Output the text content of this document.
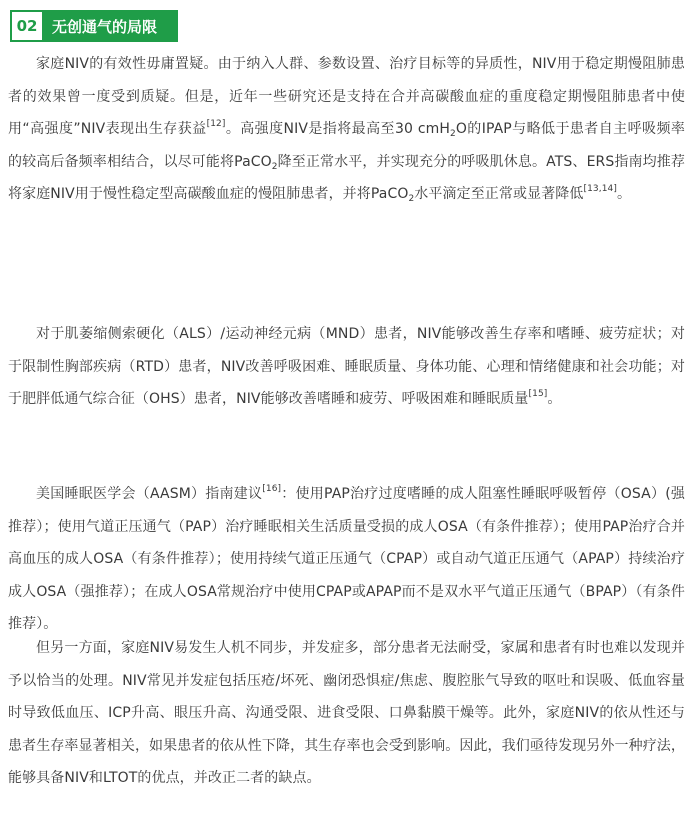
02 无创通气的局限

家庭NIV的有效性毋庸置疑。由于纳入人群、参数设置、治疗目标等的异质性，NIV用于稳定期慢阻肺患者的效果曾一度受到质疑。但是，近年一些研究还是支持在合并高碳酸血症的重度稳定期慢阻肺患者中使用“高强度”NIV表现出生存获益[12]。高强度NIV是指将最高至30 cmH$_2$O的IPAP与略低于患者自主呼吸频率的较高后备频率相结合，以尽可能将PaCO$_2$降至正常水平，并实现充分的呼吸肌休息。ATS、ERS指南均推荐将家庭NIV用于慢性稳定型高碳酸血症的慢阻肺患者，并将PaCO$_2$水平滴定至正常或显著降低[13,14]。

对于肌萎缩侧索硬化（ALS）/运动神经元病（MND）患者，NIV能够改善生存率和嗜睡、疲劳症状；对于限制性胸部疾病（RTD）患者，NIV改善呼吸困难、睡眠质量、身体功能、心理和情绪健康和社会功能；对于肥胖低通气综合征（OHS）患者，NIV能够改善嗜睡和疲劳、呼吸困难和睡眠质量[15]。

美国睡眠医学会（AASM）指南建议[16]：使用PAP治疗过度嗜睡的成人阻塞性睡眠呼吸暂停（OSA）(强推荐）；使用气道正压通气（PAP）治疗睡眠相关生活质量受损的成人OSA（有条件推荐）；使用PAP治疗合并高血压的成人OSA（有条件推荐）；使用持续气道正压通气（CPAP）或自动气道正压通气（APAP）持续治疗成人OSA（强推荐）；在成人OSA常规治疗中使用CPAP或APAP而不是双水平气道正压通气（BPAP）（有条件推荐）。

但另一方面，家庭NIV易发生人机不同步，并发症多，部分患者无法耐受，家属和患者有时也难以发现并予以恰当的处理。NIV常见并发症包括压疮/坏死、幽闭恐惧症/焦虑、腹腔胀气导致的呕吐和误吸、低血容量时导致低血压、ICP升高、眼压升高、沟通受限、进食受限、口鼻黏膜干燥等。此外，家庭NIV的依从性还与患者生存率显著相关，如果患者的依从性下降，其生存率也会受到影响。因此，我们亟待发现另外一种疗法，能够具备NIV和LTOT的优点，并改正二者的缺点。
